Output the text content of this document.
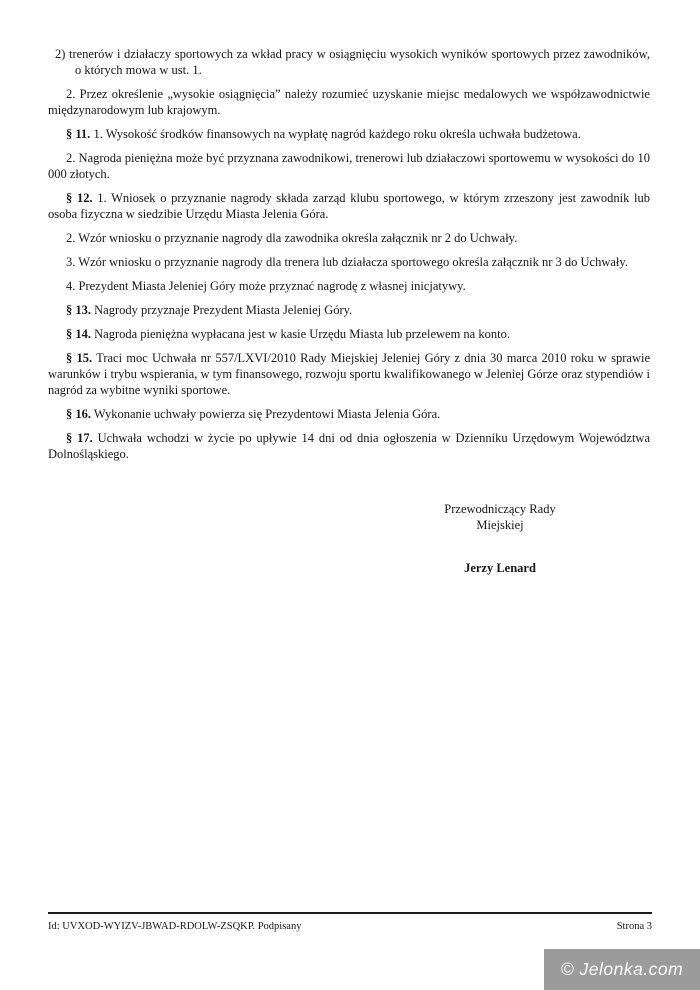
2) trenerów i działaczy sportowych za wkład pracy w osiągnięciu wysokich wyników sportowych przez zawodników, o których mowa w ust. 1.

2. Przez określenie „wysokie osiągnięcia” należy rozumieć uzyskanie miejsc medalowych we współzawodnictwie międzynarodowym lub krajowym.

§ 11. 1. Wysokość środków finansowych na wypłatę nagród każdego roku określa uchwała budżetowa.

2. Nagroda pieniężna może być przyznana zawodnikowi, trenerowi lub działaczowi sportowemu w wysokości do 10 000 złotych.

§ 12. 1. Wniosek o przyznanie nagrody składa zarząd klubu sportowego, w którym zrzeszony jest zawodnik lub osoba fizyczna w siedzibie Urzędu Miasta Jelenia Góra.

2. Wzór wniosku o przyznanie nagrody dla zawodnika określa załącznik nr 2 do Uchwały.

3. Wzór wniosku o przyznanie nagrody dla trenera lub działacza sportowego określa załącznik nr 3 do Uchwały.

4. Prezydent Miasta Jeleniej Góry może przyznać nagrodę z własnej inicjatywy.

§ 13. Nagrody przyznaje Prezydent Miasta Jeleniej Góry.

§ 14. Nagroda pieniężna wypłacana jest w kasie Urzędu Miasta lub przelewem na konto.

§ 15. Traci moc Uchwała nr 557/LXVI/2010 Rady Miejskiej Jeleniej Góry z dnia 30 marca 2010 roku w sprawie warunków i trybu wspierania, w tym finansowego, rozwoju sportu kwalifikowanego w Jeleniej Górze oraz stypendiów i nagród za wybitne wyniki sportowe.

§ 16. Wykonanie uchwały powierza się Prezydentowi Miasta Jelenia Góra.

§ 17. Uchwała wchodzi w życie po upływie 14 dni od dnia ogłoszenia w Dzienniku Urzędowym Województwa Dolnośląskiego.

Przewodniczący Rady
Miejskiej
Jerzy Lenard
Id: UVXOD-WYIZV-JBWAD-RDOLW-ZSQKP. Podpisany	Strona 3
© Jelonka.com
